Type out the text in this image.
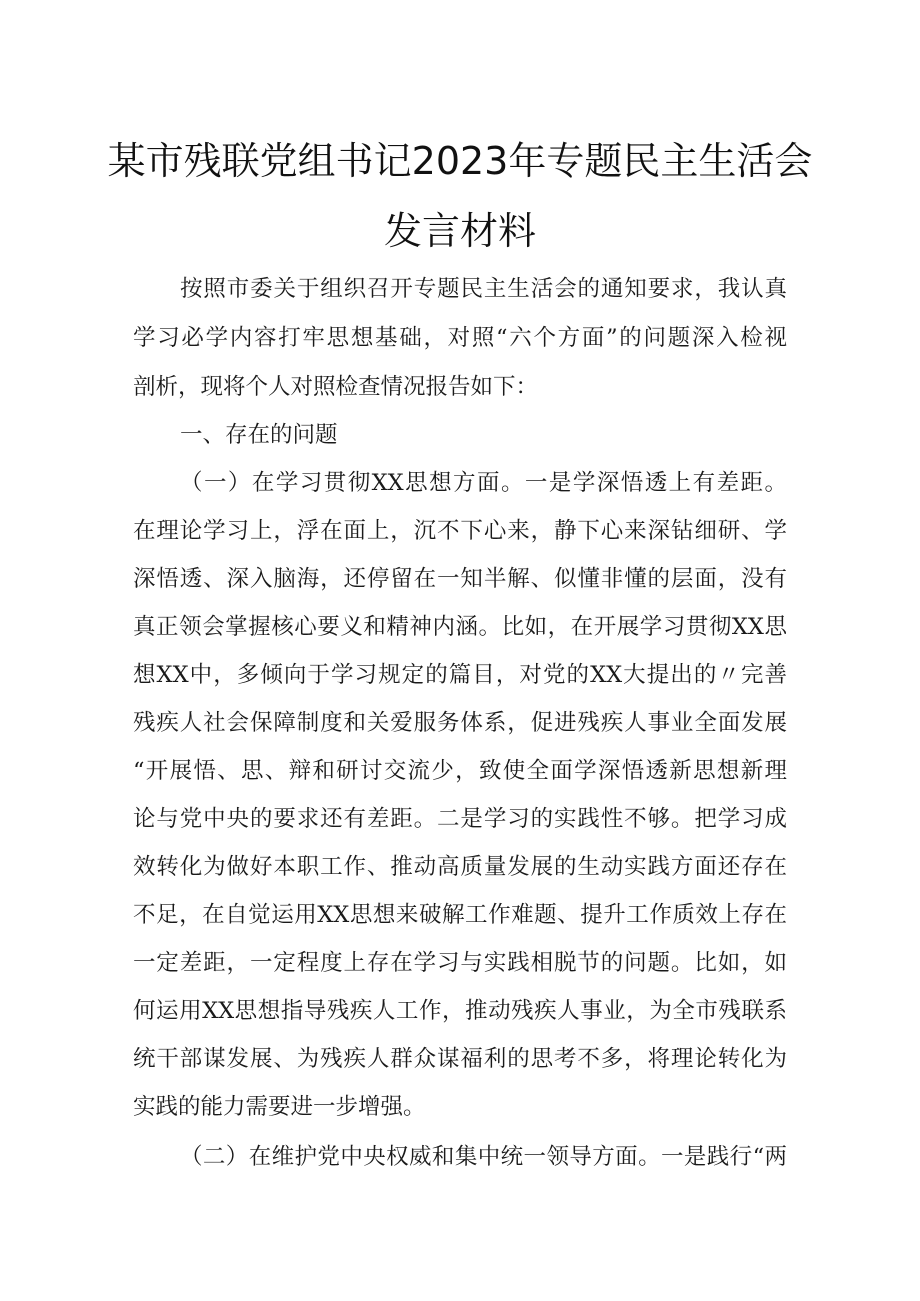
某市残联党组书记2023年专题民主生活会
发言材料
按照市委关于组织召开专题民主生活会的通知要求，我认真
学习必学内容打牢思想基础，对照“六个方面”的问题深入检视
剖析，现将个人对照检查情况报告如下：
一、存在的问题
（一）在学习贯彻XX思想方面。一是学深悟透上有差距。
在理论学习上，浮在面上，沉不下心来，静下心来深钻细研、学
深悟透、深入脑海，还停留在一知半解、似懂非懂的层面，没有
真正领会掌握核心要义和精神内涵。比如，在开展学习贯彻XX思
想XX中，多倾向于学习规定的篇目，对党的XX大提出的〃完善
残疾人社会保障制度和关爱服务体系，促进残疾人事业全面发展
“开展悟、思、辩和研讨交流少，致使全面学深悟透新思想新理
论与党中央的要求还有差距。二是学习的实践性不够。把学习成
效转化为做好本职工作、推动高质量发展的生动实践方面还存在
不足，在自觉运用XX思想来破解工作难题、提升工作质效上存在
一定差距，一定程度上存在学习与实践相脱节的问题。比如，如
何运用XX思想指导残疾人工作，推动残疾人事业，为全市残联系
统干部谋发展、为残疾人群众谋福利的思考不多，将理论转化为
实践的能力需要进一步增强。
（二）在维护党中央权威和集中统一领导方面。一是践行“两
